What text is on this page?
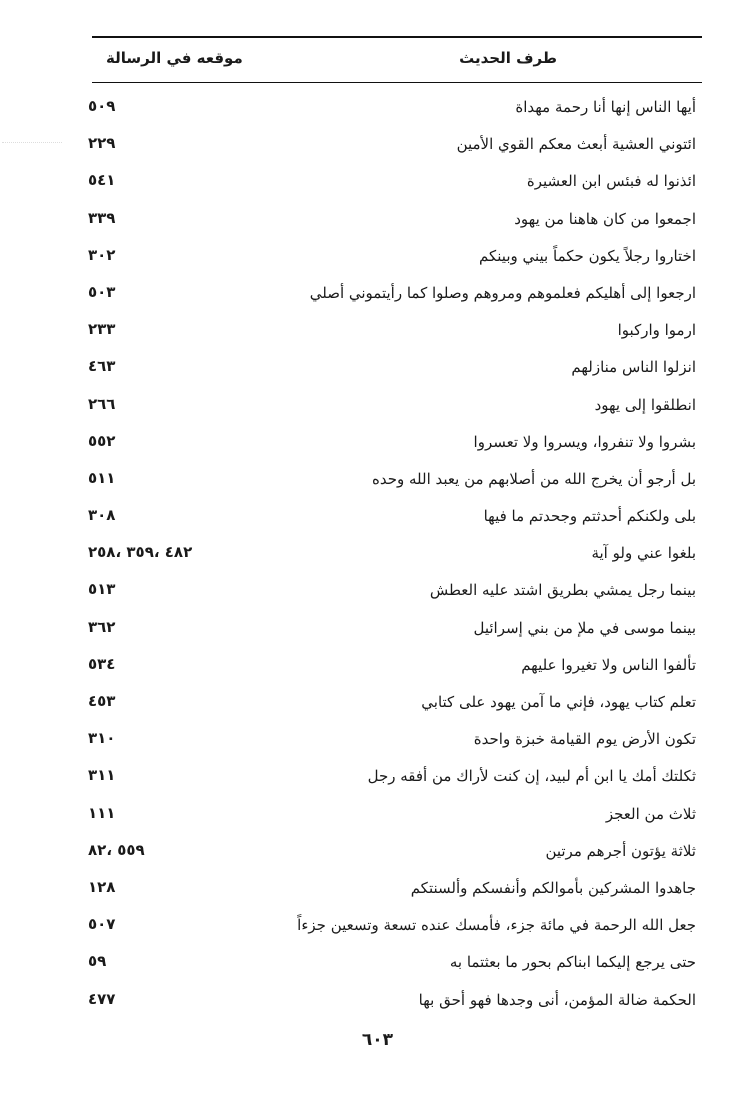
طرف الحديث
موقعه في الرسالة
أيها الناس إنها أنا رحمة مهداة
٥٠٩
ائتوني العشية أبعث معكم القوي الأمين
٢٢٩
ائذنوا له فبئس ابن العشيرة
٥٤١
اجمعوا من كان هاهنا من يهود
٣٣٩
اختاروا رجلاً يكون حكماً بيني وبينكم
٣٠٢
ارجعوا إلى أهليكم فعلموهم ومروهم وصلوا كما رأيتموني أصلي
٥٠٣
ارموا واركبوا
٢٣٣
انزلوا الناس منازلهم
٤٦٣
انطلقوا إلى يهود
٢٦٦
بشروا ولا تنفروا، ويسروا ولا تعسروا
٥٥٢
بل أرجو أن يخرج الله من أصلابهم من يعبد الله وحده
٥١١
بلى ولكنكم أحدثتم وجحدتم ما فيها
٣٠٨
بلغوا عني ولو آية
٤٨٢ ،٣٥٩ ،٢٥٨
بينما رجل يمشي بطريق اشتد عليه العطش
٥١٣
بينما موسى في ملإ من بني إسرائيل
٣٦٢
تألفوا الناس ولا تغيروا عليهم
٥٣٤
تعلم كتاب يهود، فإني ما آمن يهود على كتابي
٤٥٣
تكون الأرض يوم القيامة خبزة واحدة
٣١٠
ثكلتك أمك يا ابن أم لبيد، إن كنت لأراك من أفقه رجل
٣١١
ثلاث من العجز
١١١
ثلاثة يؤتون أجرهم مرتين
٥٥٩ ،٨٢
جاهدوا المشركين بأموالكم وأنفسكم وألسنتكم
١٢٨
جعل الله الرحمة في مائة جزء، فأمسك عنده تسعة وتسعين جزءاً
٥٠٧
حتى يرجع إليكما ابناكم بحور ما بعثتما به
٥٩
الحكمة ضالة المؤمن، أنى وجدها فهو أحق بها
٤٧٧
٦٠٣
